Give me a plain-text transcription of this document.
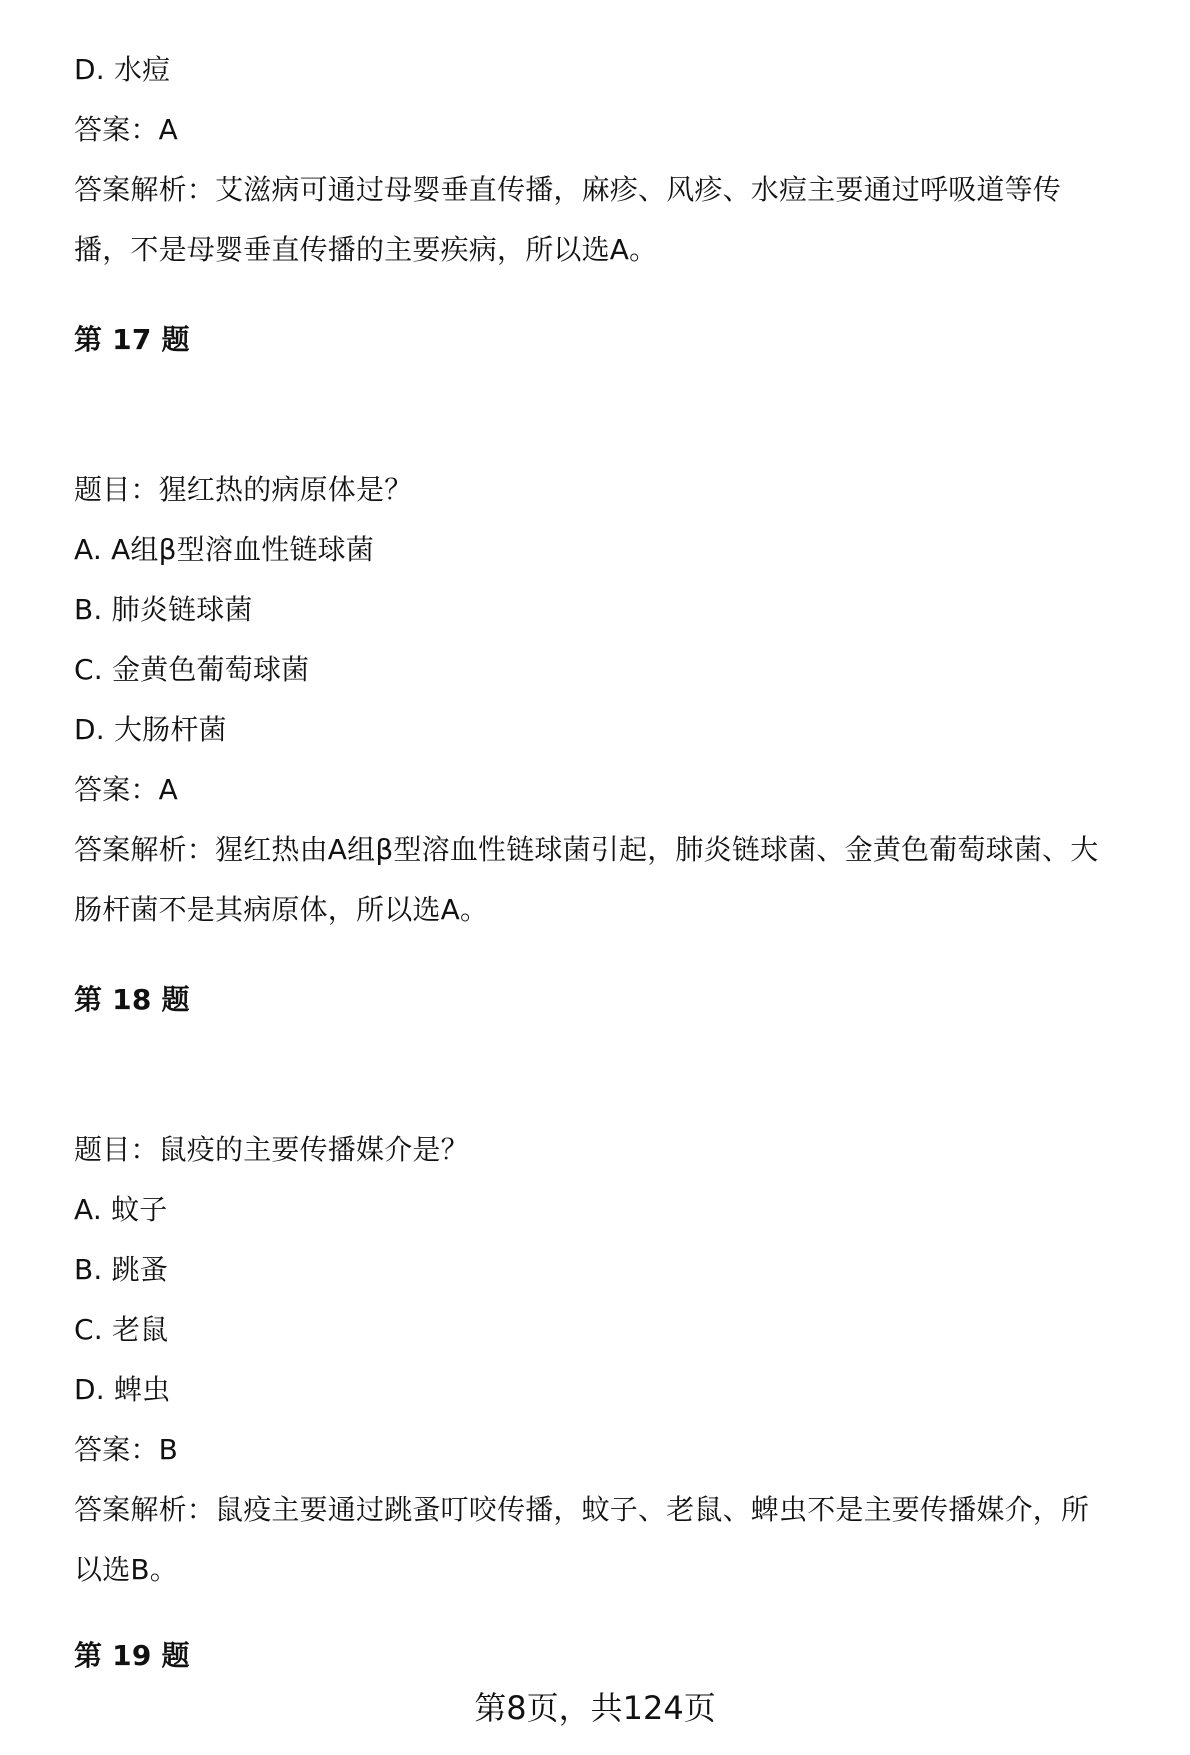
D. 水痘
答案：A
答案解析：艾滋病可通过母婴垂直传播，麻疹、风疹、水痘主要通过呼吸道等传
播，不是母婴垂直传播的主要疾病，所以选A。
第 17 题
题目：猩红热的病原体是？
A. A组β型溶血性链球菌
B. 肺炎链球菌
C. 金黄色葡萄球菌
D. 大肠杆菌
答案：A
答案解析：猩红热由A组β型溶血性链球菌引起，肺炎链球菌、金黄色葡萄球菌、大
肠杆菌不是其病原体，所以选A。
第 18 题
题目：鼠疫的主要传播媒介是？
A. 蚊子
B. 跳蚤
C. 老鼠
D. 蜱虫
答案：B
答案解析：鼠疫主要通过跳蚤叮咬传播，蚊子、老鼠、蜱虫不是主要传播媒介，所
以选B。
第 19 题
第8页，共124页
